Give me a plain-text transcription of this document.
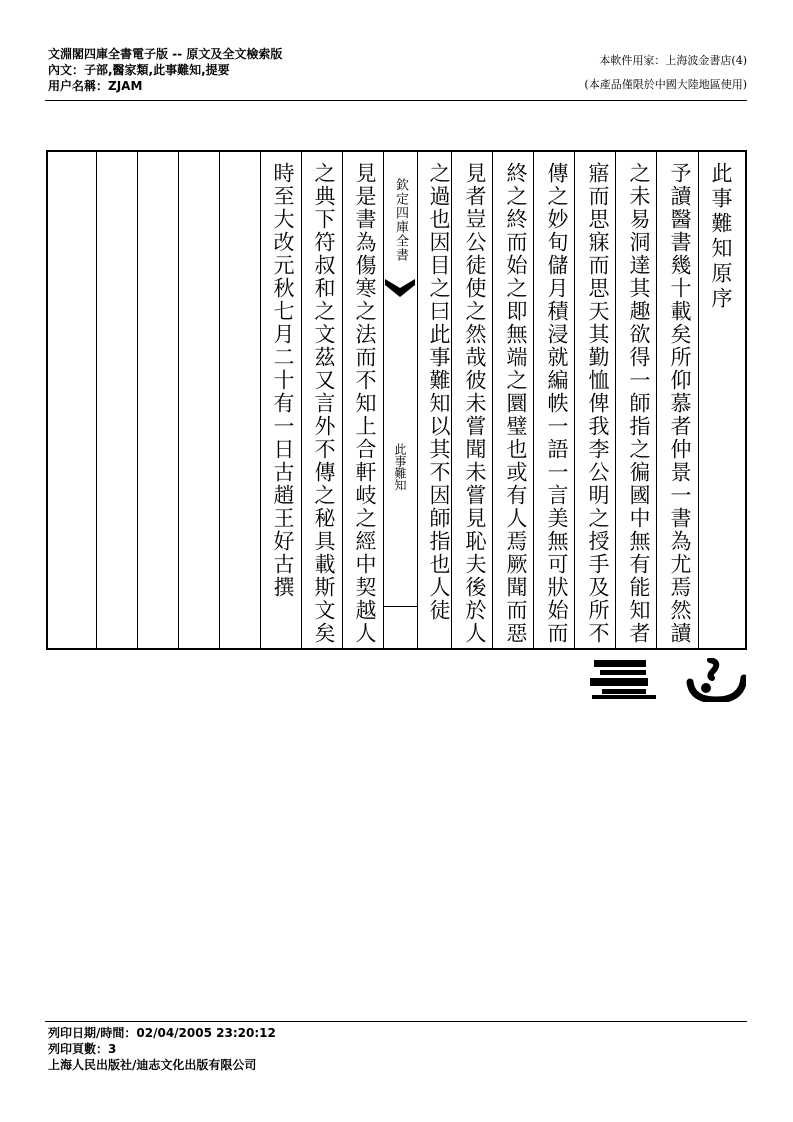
文淵閣四庫全書電子版 -- 原文及全文檢索版
內文：子部,醫家類,此事難知,提要
用户名稱：ZJAM
本軟件用家：上海波金書店(4)
(本產品僅限於中國大陸地區使用)
此事難知原序
予讀醫書幾十載矣所仰慕者仲景一書為尤焉然讀
之未易洞達其趣欲得一師指之徧國中無有能知者
寤而思寐而思天其勤恤俾我李公明之授手及所不
傳之妙旬儲月積浸就編帙一語一言美無可狀始而
終之終而始之即無端之圜璧也或有人焉厥聞而惡
見者豈公徒使之然哉彼未嘗聞未嘗見恥夫後於人
之過也因目之曰此事難知以其不因師指也人徒
欽定四庫全書
此事難知
見是書為傷寒之法而不知上合軒岐之經中契越人
之典下符叔和之文茲又言外不傳之秘具載斯文矣
時至大改元秋七月二十有一日古趙王好古撰
列印日期/時間：02/04/2005 23:20:12
列印頁數：3
上海人民出版社/迪志文化出版有限公司
